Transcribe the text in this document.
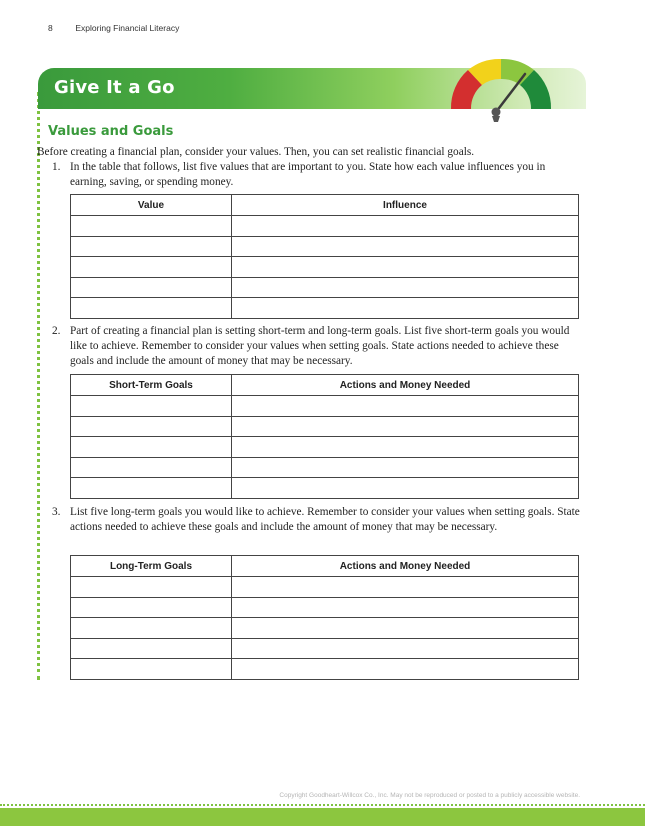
8	Exploring Financial Literacy
Give It a Go
Values and Goals
Before creating a financial plan, consider your values. Then, you can set realistic financial goals.
1. In the table that follows, list five values that are important to you. State how each value influences you in earning, saving, or spending money.
Value	Influence

2. Part of creating a financial plan is setting short-term and long-term goals. List five short-term goals you would like to achieve. Remember to consider your values when setting goals. State actions needed to achieve these goals and include the amount of money that may be necessary.
Short-Term Goals	Actions and Money Needed

3. List five long-term goals you would like to achieve. Remember to consider your values when setting goals. State actions needed to achieve these goals and include the amount of money that may be necessary.
Long-Term Goals	Actions and Money Needed

Copyright Goodheart-Willcox Co., Inc. May not be reproduced or posted to a publicly accessible website.
